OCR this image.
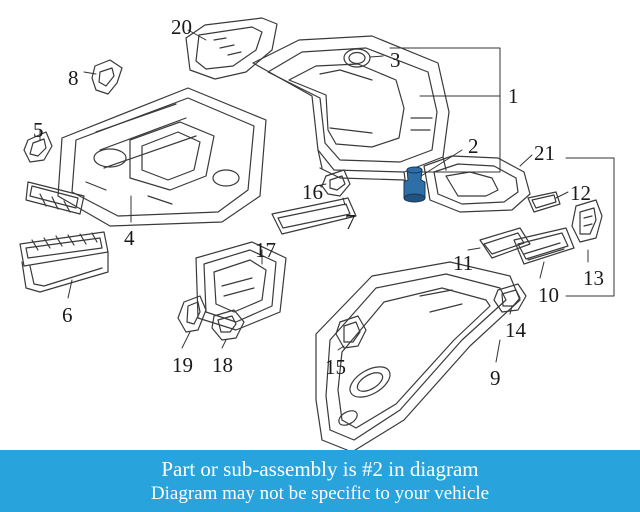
20
3
1
8
5
2	21
12
16
7
4
13
17
11
10
6
14
19 18	15	9
Part or sub-assembly is #2 in diagram
Diagram may not be specific to your vehicle
